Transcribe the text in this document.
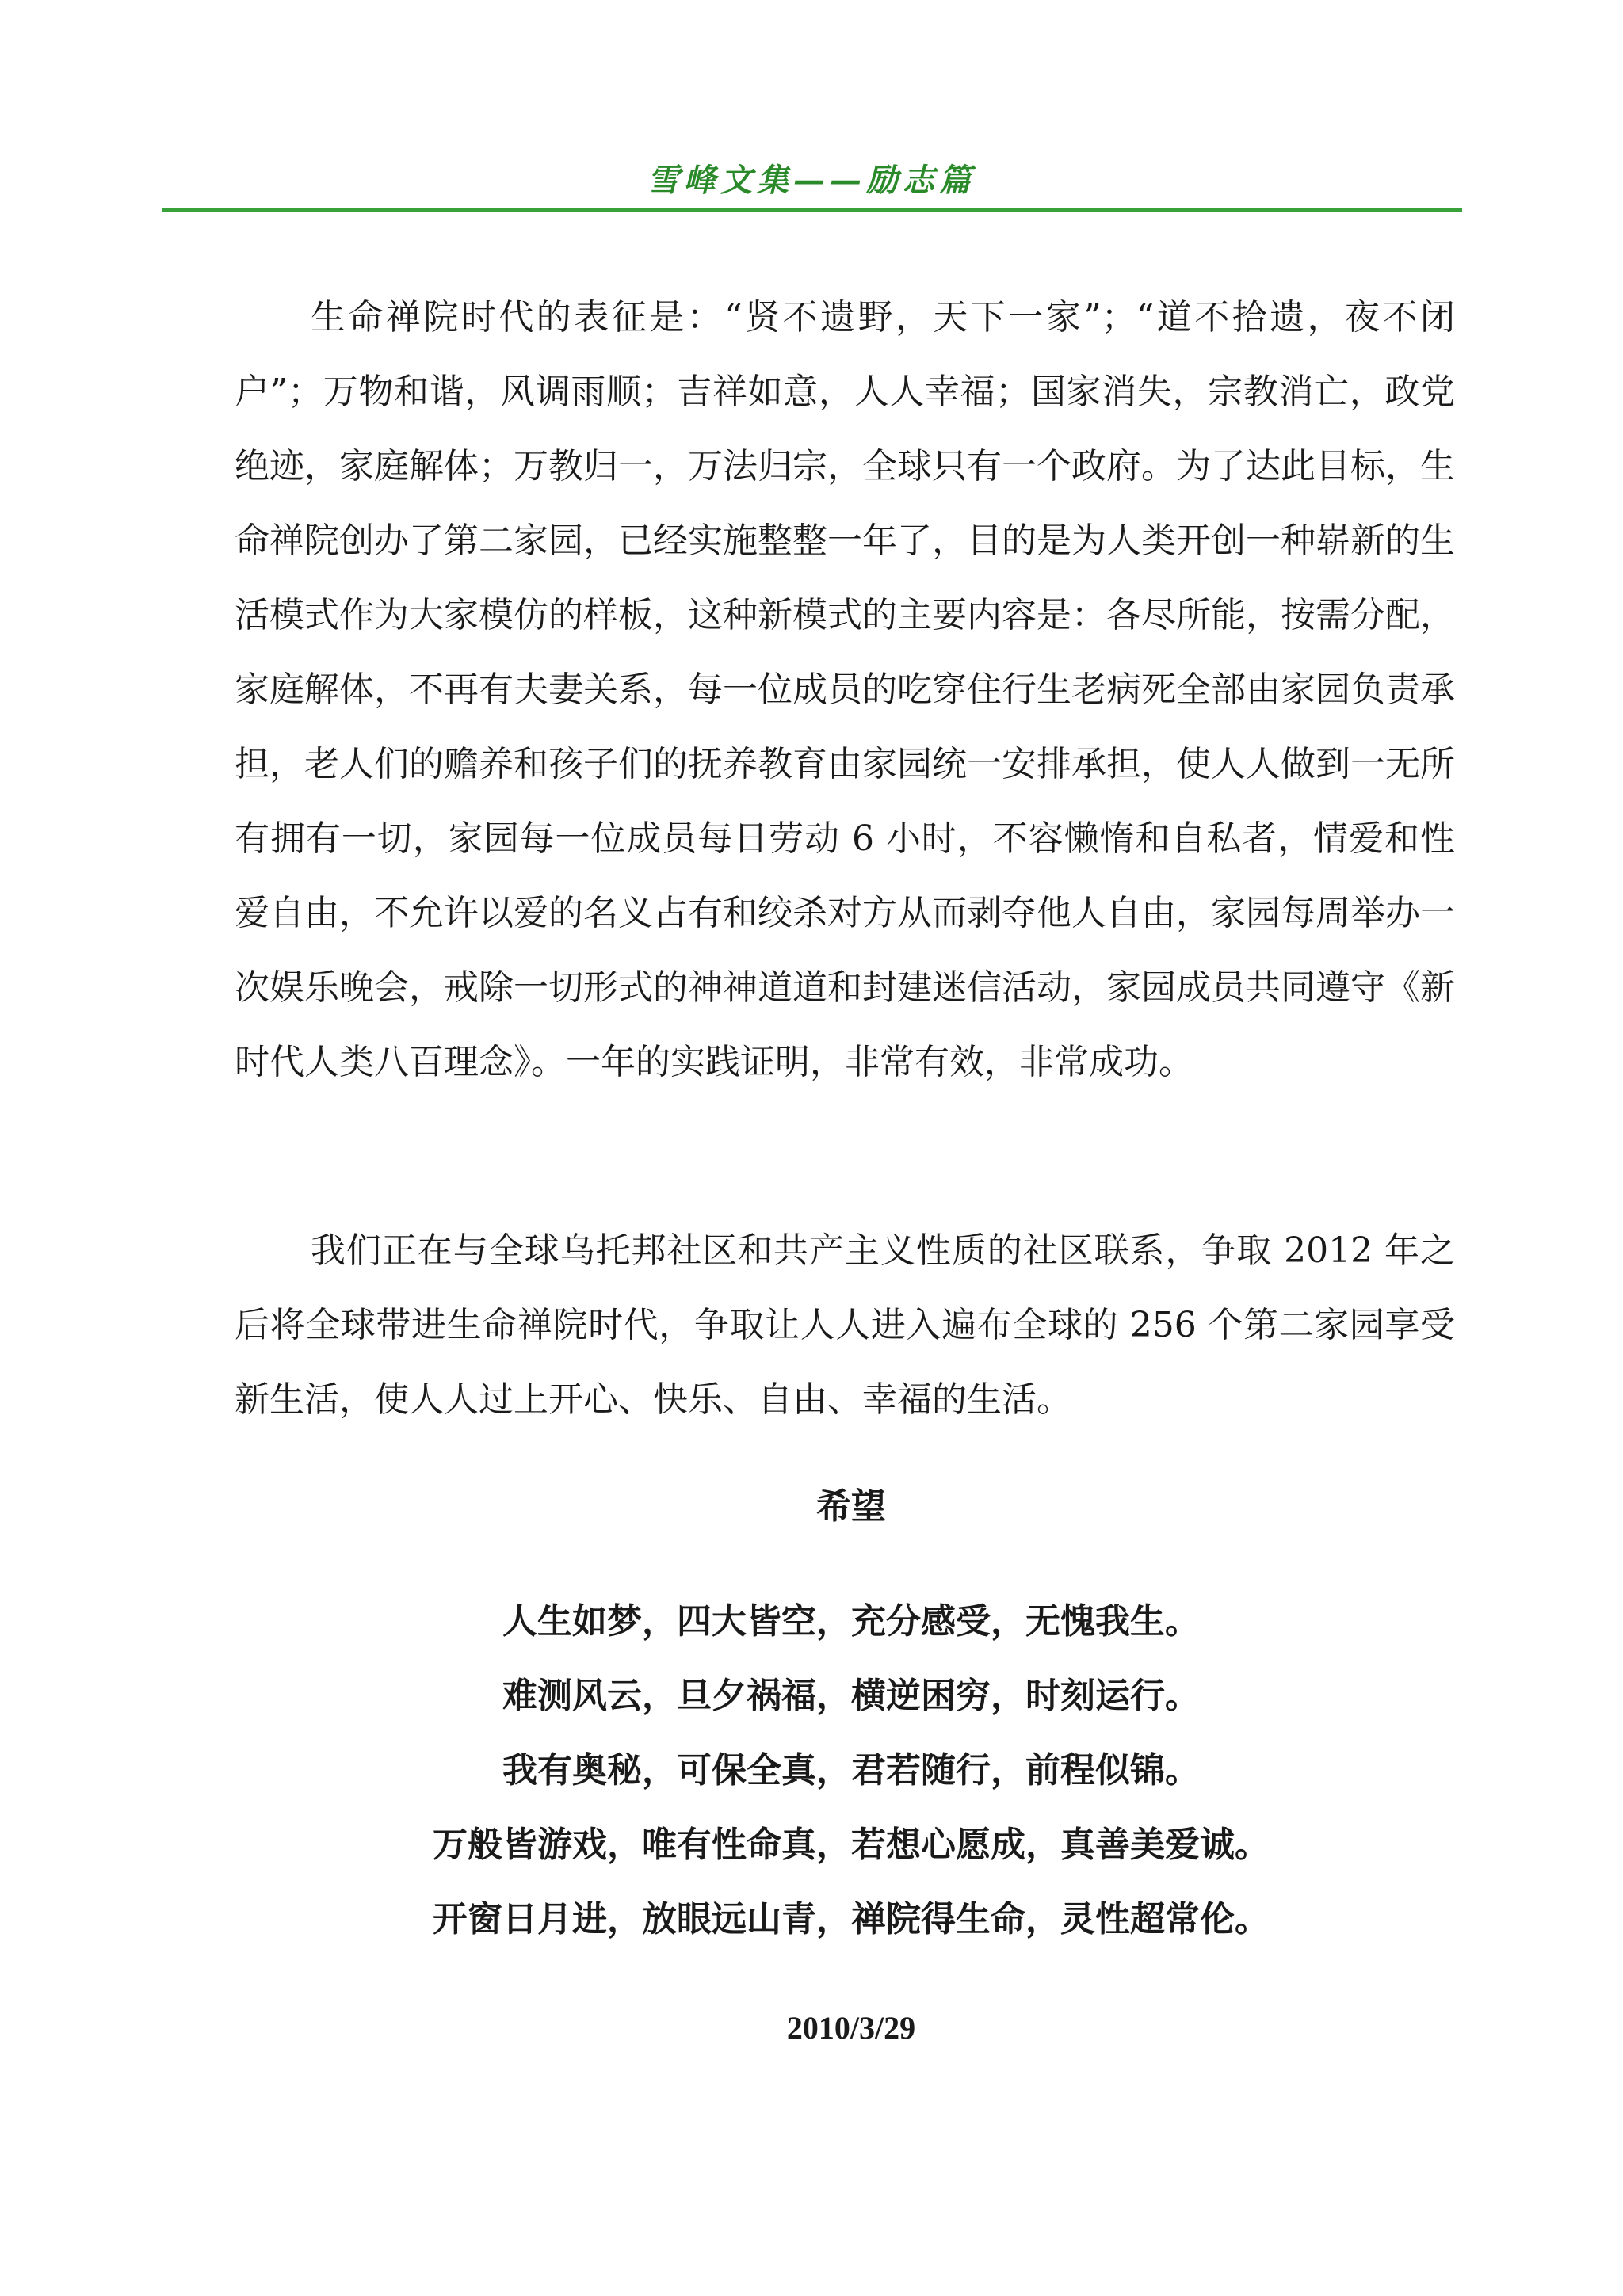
雪峰文集——励志篇

生命禅院时代的表征是：“贤不遗野，天下一家”；“道不拾遗，夜不闭户”；万物和谐，风调雨顺；吉祥如意，人人幸福；国家消失，宗教消亡，政党绝迹，家庭解体；万教归一，万法归宗，全球只有一个政府。为了达此目标，生命禅院创办了第二家园，已经实施整整一年了，目的是为人类开创一种崭新的生活模式作为大家模仿的样板，这种新模式的主要内容是：各尽所能，按需分配，家庭解体，不再有夫妻关系，每一位成员的吃穿住行生老病死全部由家园负责承担，老人们的赡养和孩子们的抚养教育由家园统一安排承担，使人人做到一无所有拥有一切，家园每一位成员每日劳动 6 小时，不容懒惰和自私者，情爱和性爱自由，不允许以爱的名义占有和绞杀对方从而剥夺他人自由，家园每周举办一次娱乐晚会，戒除一切形式的神神道道和封建迷信活动，家园成员共同遵守《新时代人类八百理念》。一年的实践证明，非常有效，非常成功。

我们正在与全球乌托邦社区和共产主义性质的社区联系，争取 2012 年之后将全球带进生命禅院时代，争取让人人进入遍布全球的 256 个第二家园享受新生活，使人人过上开心、快乐、自由、幸福的生活。

希望
人生如梦，四大皆空，充分感受，无愧我生。
难测风云，旦夕祸福，横逆困穷，时刻运行。
我有奥秘，可保全真，君若随行，前程似锦。
万般皆游戏，唯有性命真，若想心愿成，真善美爱诚。
开窗日月进，放眼远山青，禅院得生命，灵性超常伦。
2010/3/29
